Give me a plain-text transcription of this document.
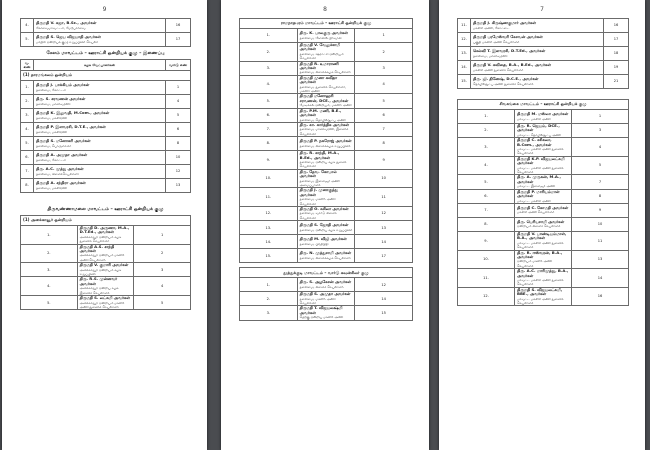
9
4.	திருமதி V. கஜா, B.Sc., அவர்கள்
கோவைமாவட்டம், மேற்பார்வை	16
5.	திருமதி S. ஜெய விஜயாதி அவர்கள்
மாநில ஒன்றியக் குழு உறுப்பினர் செயலர்	17
சேலம் மாவட்டம் – ஊராட்சி ஒன்றியக் குழு – இணைப்பு
வ. எண்	கழக வேட்பாளர்கள்	வார்டு எண்
(1) தாரமங்கலம் ஒன்றியம்		
1.	திருமதி J. பாக்கியம் அவர்கள்
தலைமை, கோட்டம்	1
2.	திரு. S. சரவணன் அவர்கள்
தலைமை, மாணவரணி	4
3.	திருமதி K. இலுவதி, M.Com., அவர்கள்
தலைமை, மகளிரணி	5
4.	திருமதி P. இளவரசி, D.T.E., அவர்கள்
தலைமை, மகளிரணி	6
5.	திருமதி S. மனோகரி அவர்கள்
தலைமை, பொருளாளர்	8
6.	திருமதி A. அமுதா அவர்கள்
தலைமை, கோட்டம்	10
7.	திரு. A.C. முத்து அவர்கள்
தலைமை, கிளைச்செயலாளர்	12
8.	திருமதி A. சந்திரா அவர்கள்
தலைமை, மகளிரணி	13
திருவண்ணாமலை மாவட்டம் – ஊராட்சி ஒன்றியக் குழு
(1) அனக்காவூர் ஒன்றியம்		
1.	திருமதி D. அருணா, M.A., D.T.Ed., அவர்கள்
அனக்காவூர் ஒன்றியம் கழக துணைச் செயலாளர்	1
2.	திருமதி A.S. சாந்தி அவர்கள்
அனக்காவூர் ஒன்றியம் மகளிர் அணி செயலாளர்	2
3.	திருமதி V. குமாரி அவர்கள்
அனக்காவூர் ஒன்றியம் கழக உறுப்பினர்	3
4.	திரு. R.S. முன்னவர் அவர்கள்
அனக்காவூர் ஒன்றிய கழக இணைச் செயலாளர்	4
5.	திருமதி S. லட்சுமி அவர்கள்
அனக்காவூர் ஒன்றியம் மகளிர் அணி துணைச் செயலாளர்	5
8
ராமநாதபுரம் மாவட்டம் – ஊராட்சி ஒன்றியக் குழு		
1.	திரு. K. பாலகுரு அவர்கள்
தலைமை, கோவில் நிர்வாகி	1
2.	திருமதி V. வேலுச்சாமி அவர்கள்
தலைமை, ஊராட்சி ஒன்றியம் செயலாளர்	2
3.	திருமதி R. உமாராணி அவர்கள்
தலைமை, கிளைக்கழக செயலாளர்	3
4.	திருமதி முனா கவிதா அவர்கள்
தலைமை, துணைச் செயலாளர், மகளிர் அணி	4
5.	திருமதி மனோஹரி சரவணன், DCE., அவர்கள்
மேடிக்கல் ஒன்றியம், மகளிர் அணி	5
6.	திரு. P.M. மணி, B.E., அவர்கள்
தலைமை, தொழில்நுட்ப அணி	6
7.	திரு. கா. கார்த்திக அவர்கள்
தலைமை, மாணவரணி, இணைச் செயலாளர்	7
8.	திருமதி P. நகரோஜ் அவர்கள்
தலைமை, கிளைக்கழக உறுப்பினர்	8
9.	திரு. R. சாந்தி, M.A., B.Ed., அவர்கள்
தலைமை, ஒன்றிய கழக துணை செயலாளர்	9
10.	திரு. தேவ. கோபால் அவர்கள்
தலைமை, இளைஞர் அணி அமைப்பாளர்	10
11.	திருமதி J. முனாகுத்து அவர்கள்
தலைமை, மகளிர் அணி செயலாளர்	11
12.	திருமதி O. சுசிலா அவர்கள்
தலைமை, வார்டு கிளைச் செயலாளர்	12
13.	திருமதி S. ஜோதி அவர்கள்
தலைமை, ஒன்றிய கழக உறுப்பினர்	13
14.	திருமதி M. விஜி அவர்கள்
தலைமை, பிரதிநிதி	14
15.	திரு. N. முத்துசாமி அவர்கள்
தலைமை, கிளைக்கழக செயலாளர்	17
தூத்துக்குடி மாவட்டம் – வார்டு கவுன்சிலர் குழு		
1.	திரு. S. அழகேசன் அவர்கள்
தலைமை, கிளைச் செயலாளர்	12
2.	திருமதி S. அமுதா அவர்கள்
தலைமை, மகளிர் அணி செயலாளர்	14
3.	திருமதி T. விஜயலக்ஷ்மி அவர்கள்
தெற்கு ஒன்றிய மகளிர் அணி	15
7
11.	திருமதி J. கிருஷ்ணகுமார் அவர்கள்
மகளிர் அணி, கோட்டை	16
12.	திருமதி பரமேஸ்வரி கேசவன் அவர்கள்
பகுதி மகளிர் அணி செயலாளர்	17
13.	செல்வி T. இளவரசி, D.T.Ed., அவர்கள்
தலைமை, மாணவரணி	18
14.	திருமதி V. கவிதை, B.A., B.Ed., அவர்கள்
மகளிர் அணி துணைச் செயலாளர்	19
15.	திரு. ஜி. தினேஷ், D.C.E., அவர்கள்
தொழில்நுட்ப அணி துணைச் செயலாளர்	21
சிவகங்கை மாவட்டம் – ஊராட்சி ஒன்றியக் குழு		
1.	திருமதி M. மஸ்லா அவர்கள்
மாவட்ட மகளிர் அணி	1
2.	திரு. R. ஜெயம், DCE., அவர்கள்
மாவட்ட தொழில்நுட்ப அணி	3
3.	திருமதி C. சசிகலா, B.Com., அவர்கள்
மாவட்ட மகளிர் அணி துணைச் செயலாளர்	4
4.	திருமதி K.P. விஜயலட்சுமி அவர்கள்
மாவட்ட மகளிர் அணி துணைச் செயலாளர்	5
5.	திரு. A. முருகன், M.A., அவர்கள்
மாவட்ட இளைஞர் அணி	7
6.	திருமதி P. மாரியம்மாள் அவர்கள்
மாவட்ட மகளிர் அணி	8
7.	திருமதி C. கோமதி அவர்கள்
மகளிர் அணி செயலாளர்	9
8.	திரு. பெரியசாமி அவர்கள்
ஒன்றியம் கிளைச் செயலாளர்	10
9.	திருமதி V. பாண்டியம்மாள், B.A., அவர்கள்
மாவட்ட மகளிர் அணி துணைச் செயலாளர்	11
10.	திரு. R. ஈஸ்வரன், B.A., அவர்கள்
ஒன்றியம் மகளிர் அணி செயலாளர்	13
11.	திரு. A.C. மாரிமுத்து, B.A., அவர்கள்
மாவட்ட மகளிர் அணி துணைச் செயலாளர்	14
12.	திருமதி S. விஜயலட்சுமி, BBE., அவர்கள்
மாவட்ட மகளிர் அணி துணைச் செயலாளர்	16
